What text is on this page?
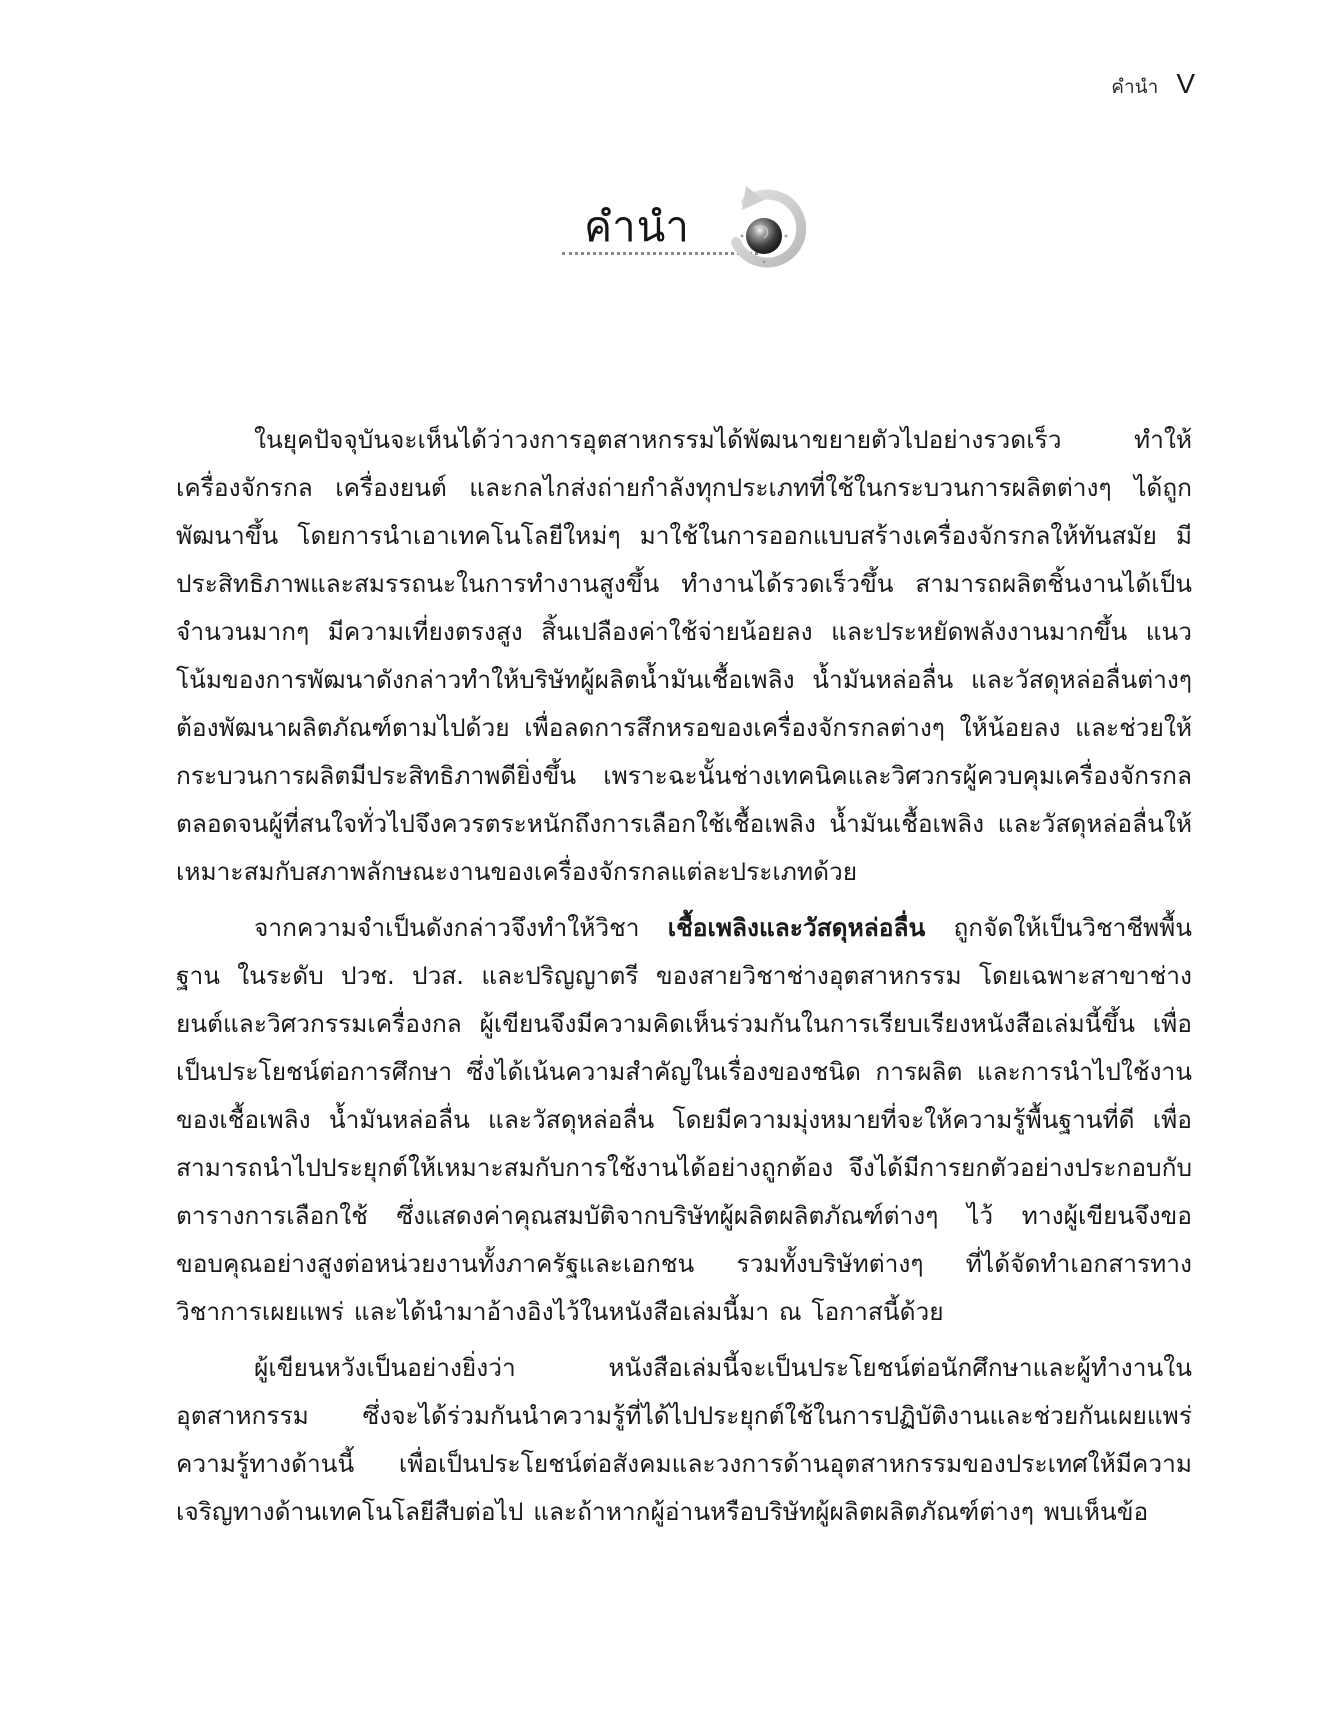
คำนำ V
คำนำ

ในยุคปัจจุบันจะเห็นได้ว่าวงการอุตสาหกรรมได้พัฒนาขยายตัวไปอย่างรวดเร็ว ทำให้เครื่องจักรกล เครื่องยนต์ และกลไกส่งถ่ายกำลังทุกประเภทที่ใช้ในกระบวนการผลิตต่างๆ ได้ถูกพัฒนาขึ้น โดยการนำเอาเทคโนโลยีใหม่ๆ มาใช้ในการออกแบบสร้างเครื่องจักรกลให้ทันสมัย มีประสิทธิภาพและสมรรถนะในการทำงานสูงขึ้น ทำงานได้รวดเร็วขึ้น สามารถผลิตชิ้นงานได้เป็นจำนวนมากๆ มีความเที่ยงตรงสูง สิ้นเปลืองค่าใช้จ่ายน้อยลง และประหยัดพลังงานมากขึ้น แนวโน้มของการพัฒนาดังกล่าวทำให้บริษัทผู้ผลิตน้ำมันเชื้อเพลิง น้ำมันหล่อลื่น และวัสดุหล่อลื่นต่างๆ ต้องพัฒนาผลิตภัณฑ์ตามไปด้วย เพื่อลดการสึกหรอของเครื่องจักรกลต่างๆ ให้น้อยลง และช่วยให้กระบวนการผลิตมีประสิทธิภาพดียิ่งขึ้น เพราะฉะนั้นช่างเทคนิคและวิศวกรผู้ควบคุมเครื่องจักรกลตลอดจนผู้ที่สนใจทั่วไปจึงควรตระหนักถึงการเลือกใช้เชื้อเพลิง น้ำมันเชื้อเพลิง และวัสดุหล่อลื่นให้เหมาะสมกับสภาพลักษณะงานของเครื่องจักรกลแต่ละประเภทด้วย

จากความจำเป็นดังกล่าวจึงทำให้วิชา เชื้อเพลิงและวัสดุหล่อลื่น ถูกจัดให้เป็นวิชาชีพพื้นฐาน ในระดับ ปวช. ปวส. และปริญญาตรี ของสายวิชาช่างอุตสาหกรรม โดยเฉพาะสาขาช่างยนต์และวิศวกรรมเครื่องกล ผู้เขียนจึงมีความคิดเห็นร่วมกันในการเรียบเรียงหนังสือเล่มนี้ขึ้น เพื่อเป็นประโยชน์ต่อการศึกษา ซึ่งได้เน้นความสำคัญในเรื่องของชนิด การผลิต และการนำไปใช้งานของเชื้อเพลิง น้ำมันหล่อลื่น และวัสดุหล่อลื่น โดยมีความมุ่งหมายที่จะให้ความรู้พื้นฐานที่ดี เพื่อสามารถนำไปประยุกต์ให้เหมาะสมกับการใช้งานได้อย่างถูกต้อง จึงได้มีการยกตัวอย่างประกอบกับตารางการเลือกใช้ ซึ่งแสดงค่าคุณสมบัติจากบริษัทผู้ผลิตผลิตภัณฑ์ต่างๆ ไว้ ทางผู้เขียนจึงขอขอบคุณอย่างสูงต่อหน่วยงานทั้งภาครัฐและเอกชน รวมทั้งบริษัทต่างๆ ที่ได้จัดทำเอกสารทางวิชาการเผยแพร่ และได้นำมาอ้างอิงไว้ในหนังสือเล่มนี้มา ณ โอกาสนี้ด้วย

ผู้เขียนหวังเป็นอย่างยิ่งว่า หนังสือเล่มนี้จะเป็นประโยชน์ต่อนักศึกษาและผู้ทำงานในอุตสาหกรรม ซึ่งจะได้ร่วมกันนำความรู้ที่ได้ไปประยุกต์ใช้ในการปฏิบัติงานและช่วยกันเผยแพร่ความรู้ทางด้านนี้ เพื่อเป็นประโยชน์ต่อสังคมและวงการด้านอุตสาหกรรมของประเทศให้มีความเจริญทางด้านเทคโนโลยีสืบต่อไป และถ้าหากผู้อ่านหรือบริษัทผู้ผลิตผลิตภัณฑ์ต่างๆ พบเห็นข้อ
